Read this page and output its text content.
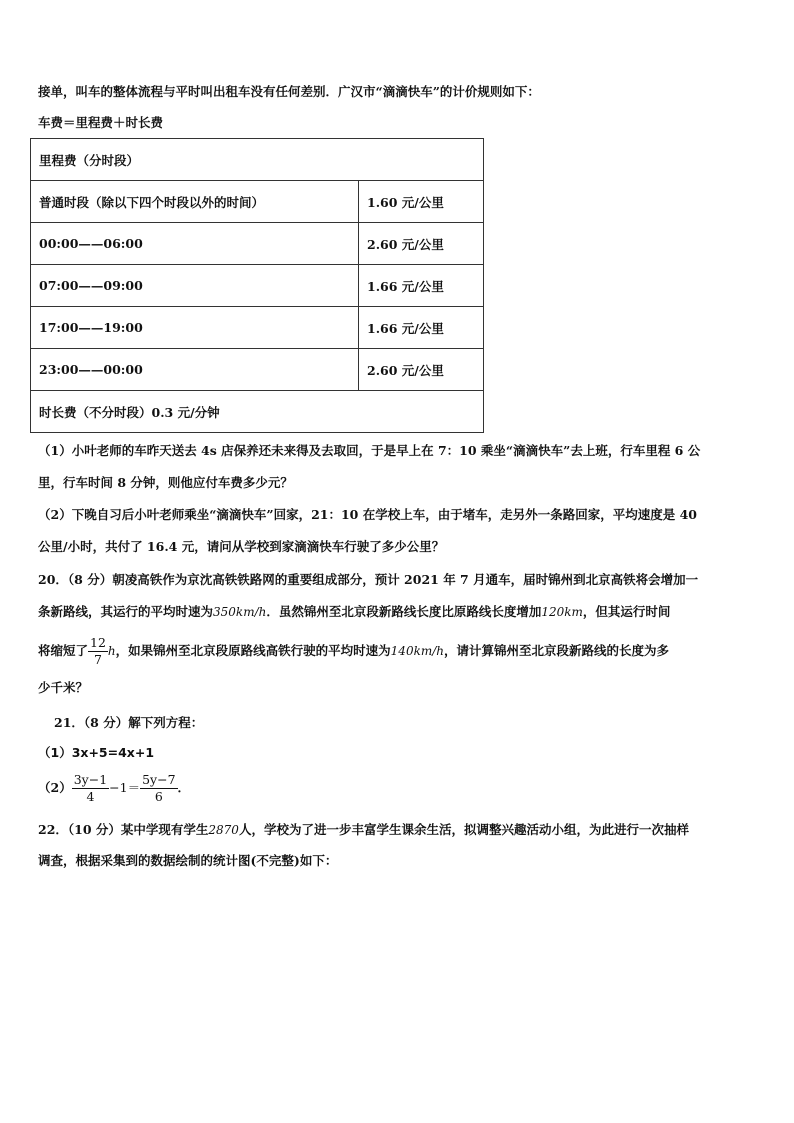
接单，叫车的整体流程与平时叫出租车没有任何差别．广汉市“滴滴快车”的计价规则如下：
车费＝里程费＋时长费
里程费（分时段）	
普通时段（除以下四个时段以外的时间）	1.60 元/公里
00:00——06:00	2.60 元/公里
07:00——09:00	1.66 元/公里
17:00——19:00	1.66 元/公里
23:00——00:00	2.60 元/公里
时长费（不分时段）0.3 元/分钟	
（1）小叶老师的车昨天送去 4s 店保养还未来得及去取回，于是早上在 7：10 乘坐“滴滴快车”去上班，行车里程 6 公
里，行车时间 8 分钟，则他应付车费多少元？
（2）下晚自习后小叶老师乘坐“滴滴快车”回家，21：10 在学校上车，由于堵车，走另外一条路回家，平均速度是 40
公里/小时，共付了 16.4 元，请问从学校到家滴滴快车行驶了多少公里？
20．（8 分）朝凌高铁作为京沈高铁铁路网的重要组成部分，预计 2021 年 7 月通车，届时锦州到北京高铁将会增加一
条新路线，其运行的平均时速为350km/h．虽然锦州至北京段新路线长度比原路线长度增加120km，但其运行时间
将缩短了 $\frac{12}{7}$ h，如果锦州至北京段原路线高铁行驶的平均时速为140km/h，请计算锦州至北京段新路线的长度为多
少千米？
21．（8 分）解下列方程：
（1）3x+5=4x+1
$(2) \frac{3y-1}{4} -1= \frac{5y-7}{6}$ ．
22．（10 分）某中学现有学生2870人，学校为了进一步丰富学生课余生活，拟调整兴趣活动小组，为此进行一次抽样
调查，根据采集到的数据绘制的统计图(不完整)如下：
